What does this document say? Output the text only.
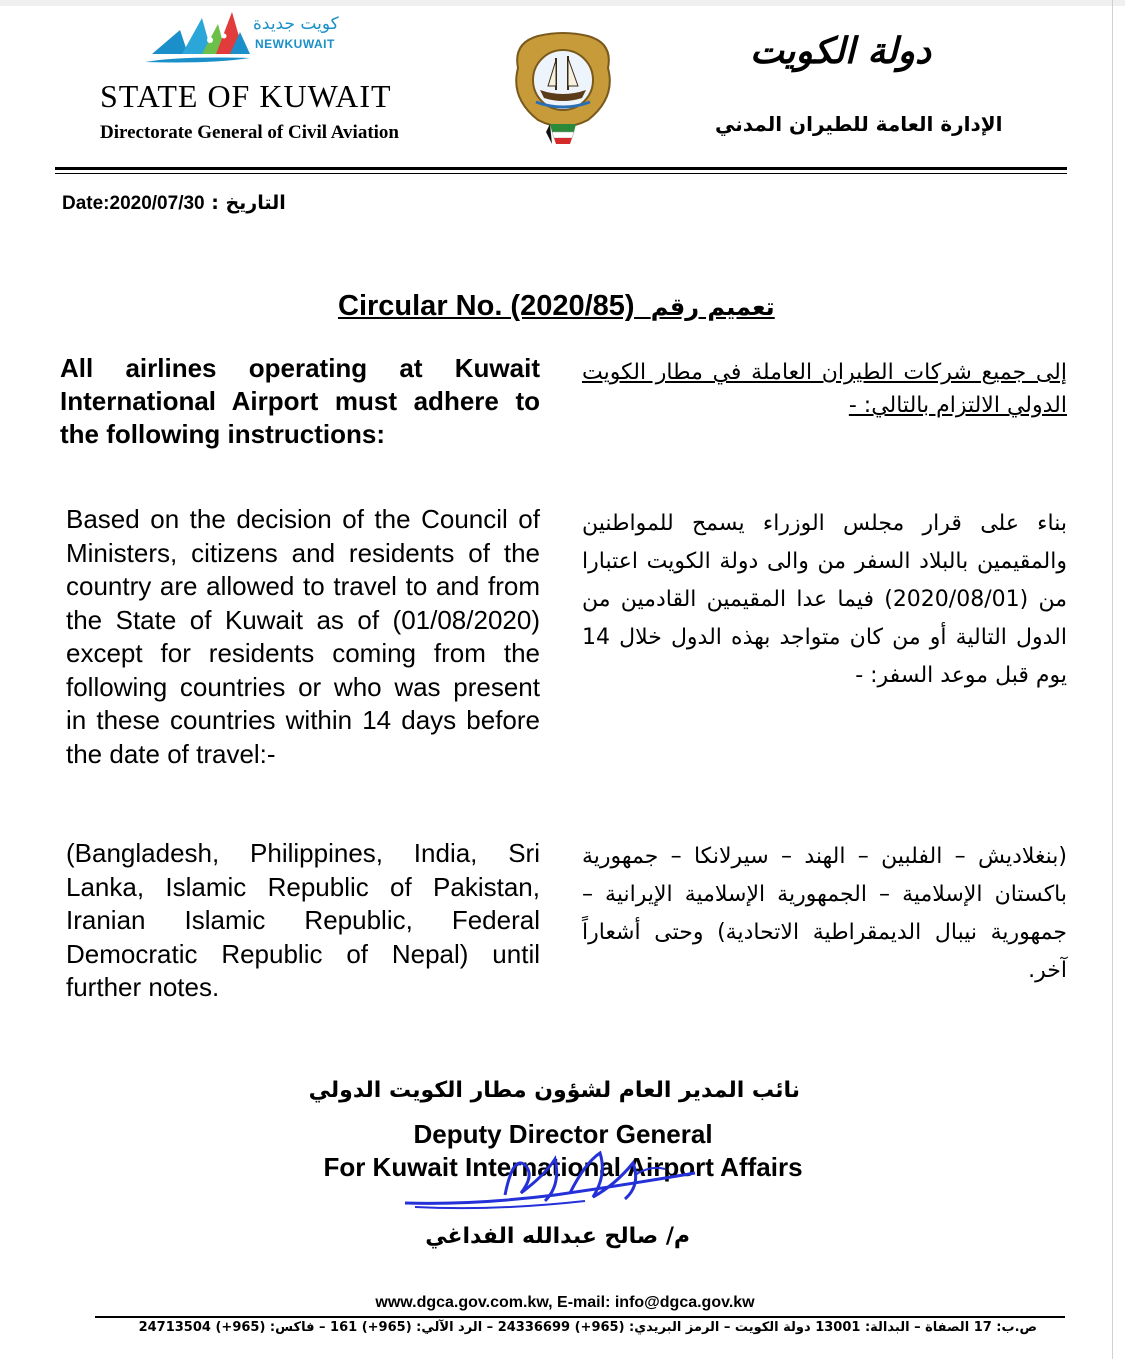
كويت جديدة
NEWKUWAIT
STATE OF KUWAIT
Directorate General of Civil Aviation
دولة الكويت
الإدارة العامة للطيران المدني
Date:2020/07/30 : التاريخ
Circular No. (2020/85) تعميم رقم
All airlines operating at Kuwait International Airport must adhere to the following instructions:
إلى جميع شركات الطيران العاملة في مطار الكويت الدولي الالتزام بالتالي: -
Based on the decision of the Council of Ministers, citizens and residents of the country are allowed to travel to and from the State of Kuwait as of (01/08/2020) except for residents coming from the following countries or who was present in these countries within 14 days before the date of travel:-
بناء على قرار مجلس الوزراء يسمح للمواطنين والمقيمين بالبلاد السفر من والى دولة الكويت اعتبارا من (2020/08/01) فيما عدا المقيمين القادمين من الدول التالية أو من كان متواجد بهذه الدول خلال 14 يوم قبل موعد السفر: -
(Bangladesh, Philippines, India, Sri Lanka, Islamic Republic of Pakistan, Iranian Islamic Republic, Federal Democratic Republic of Nepal) until further notes.
(بنغلاديش – الفلبين – الهند – سيرلانكا – جمهورية باكستان الإسلامية – الجمهورية الإسلامية الإيرانية – جمهورية نيبال الديمقراطية الاتحادية) وحتى أشعاراً آخر.
نائب المدير العام لشؤون مطار الكويت الدولي
Deputy Director General
For Kuwait International Airport Affairs
م/ صالح عبدالله الفداغي
www.dgca.gov.com.kw, E-mail: info@dgca.gov.kw
ص.ب: 17 الصفاة – البدالة: 13001 دولة الكويت – الرمز البريدي: (965+) 24336699 – الرد الآلي: (965+) 161 – فاكس: (965+) 24713504
